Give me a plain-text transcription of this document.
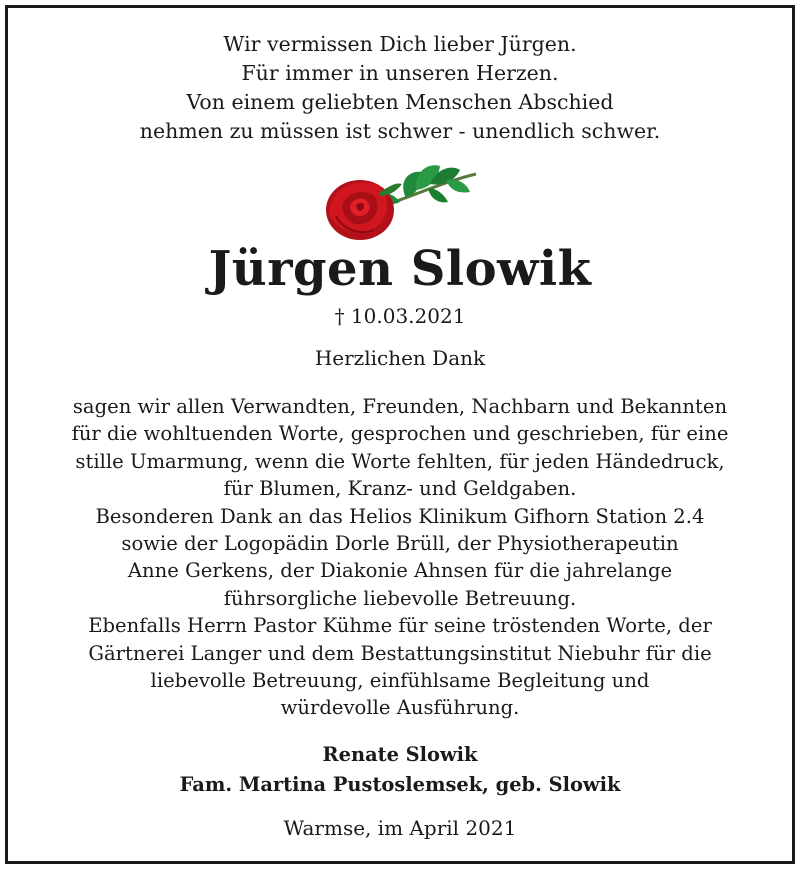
Wir vermissen Dich lieber Jürgen.
Für immer in unseren Herzen.
Von einem geliebten Menschen Abschied
nehmen zu müssen ist schwer - unendlich schwer.
Jürgen Slowik
† 10.03.2021
Herzlichen Dank
sagen wir allen Verwandten, Freunden, Nachbarn und Bekannten
für die wohltuenden Worte, gesprochen und geschrieben, für eine
stille Umarmung, wenn die Worte fehlten, für jeden Händedruck,
für Blumen, Kranz- und Geldgaben.
Besonderen Dank an das Helios Klinikum Gifhorn Station 2.4
sowie der Logopädin Dorle Brüll, der Physiotherapeutin
Anne Gerkens, der Diakonie Ahnsen für die jahrelange
führsorgliche liebevolle Betreuung.
Ebenfalls Herrn Pastor Kühme für seine tröstenden Worte, der
Gärtnerei Langer und dem Bestattungsinstitut Niebuhr für die
liebevolle Betreuung, einfühlsame Begleitung und
würdevolle Ausführung.
Renate Slowik
Fam. Martina Pustoslemsek, geb. Slowik
Warmse, im April 2021
